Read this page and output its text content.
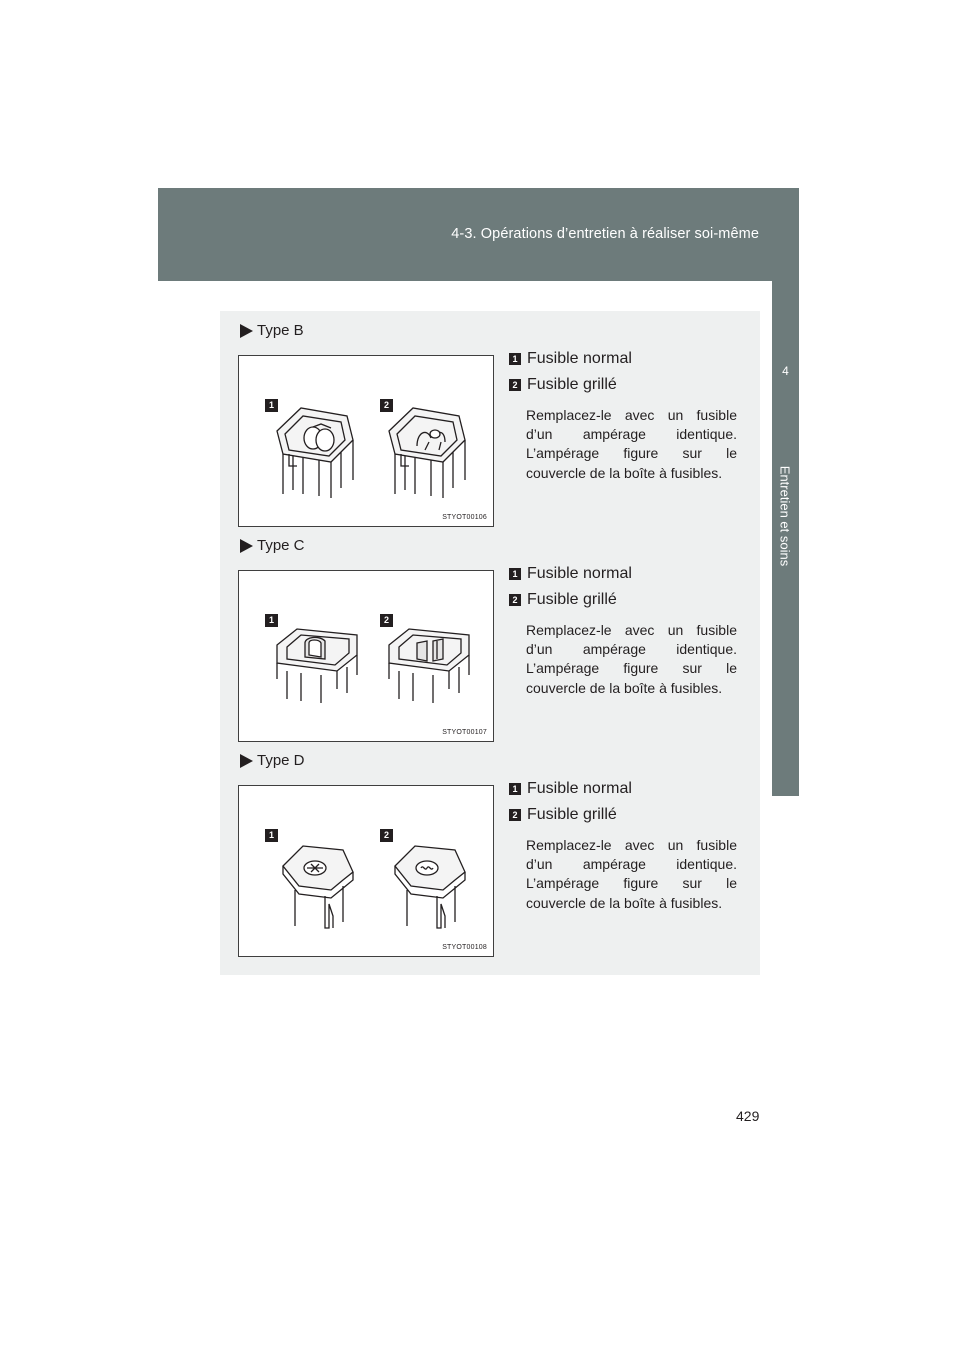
4-3. Opérations d’entretien à réaliser soi-même
4
Entretien et soins
Type B
1	2
STYOT00106
1 Fusible normal
2 Fusible grillé
Remplacez-le avec un fusible d’un ampérage identique. L’ampérage figure sur le couvercle de la boîte à fusibles.
Type C
1	2
STYOT00107
1 Fusible normal
2 Fusible grillé
Remplacez-le avec un fusible d’un ampérage identique. L’ampérage figure sur le couvercle de la boîte à fusibles.
Type D
1	2
STYOT00108
1 Fusible normal
2 Fusible grillé
Remplacez-le avec un fusible d’un ampérage identique. L’ampérage figure sur le couvercle de la boîte à fusibles.
429
